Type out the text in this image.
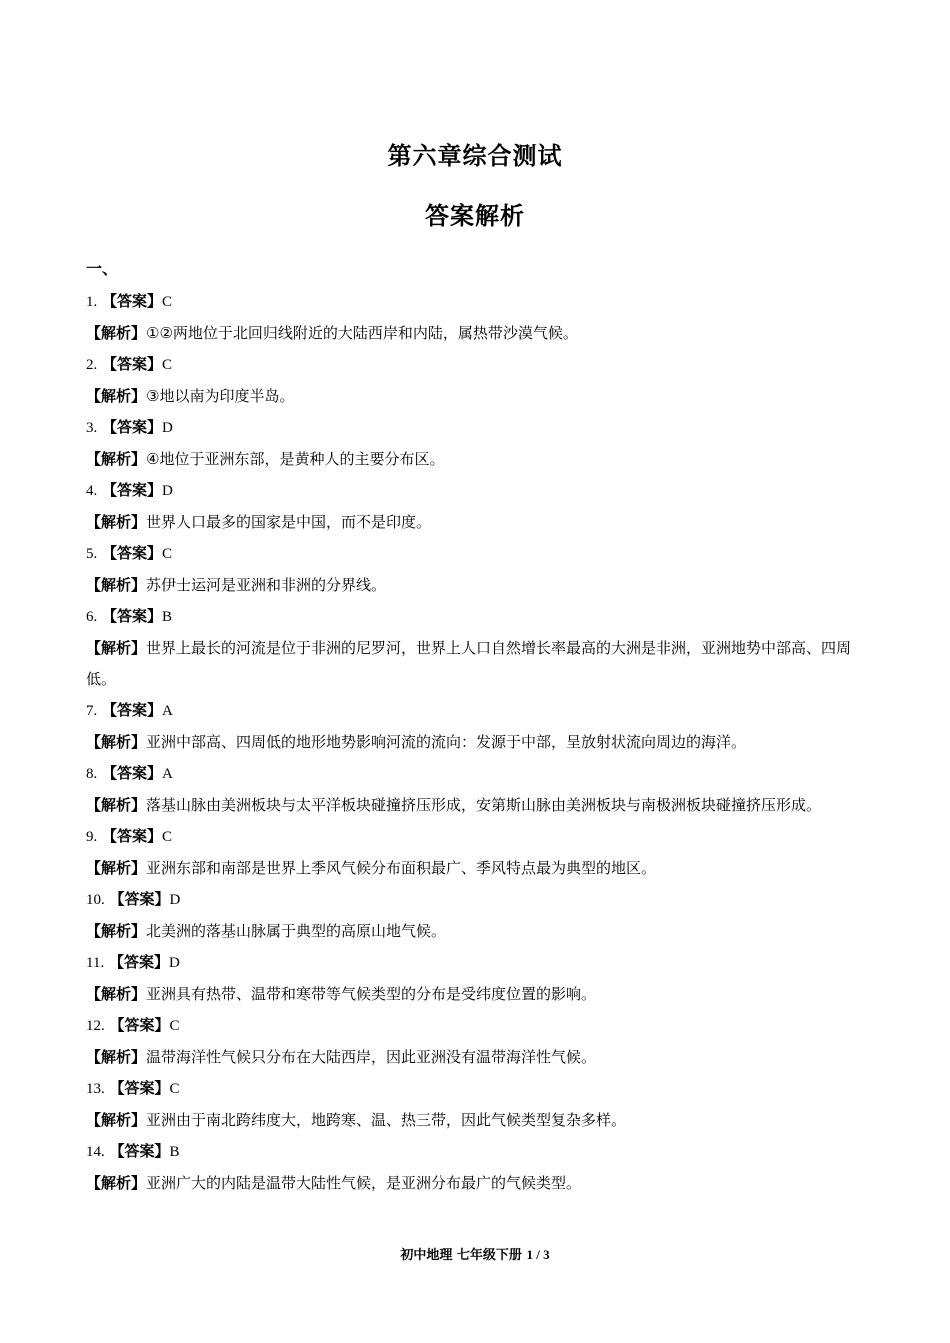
第六章综合测试
答案解析
一、
1. 【答案】C
【解析】①②两地位于北回归线附近的大陆西岸和内陆，属热带沙漠气候。
2. 【答案】C
【解析】③地以南为印度半岛。
3. 【答案】D
【解析】④地位于亚洲东部，是黄种人的主要分布区。
4. 【答案】D
【解析】世界人口最多的国家是中国，而不是印度。
5. 【答案】C
【解析】苏伊士运河是亚洲和非洲的分界线。
6. 【答案】B
【解析】世界上最长的河流是位于非洲的尼罗河，世界上人口自然增长率最高的大洲是非洲，亚洲地势中部高、四周低。
7. 【答案】A
【解析】亚洲中部高、四周低的地形地势影响河流的流向：发源于中部，呈放射状流向周边的海洋。
8. 【答案】A
【解析】落基山脉由美洲板块与太平洋板块碰撞挤压形成，安第斯山脉由美洲板块与南极洲板块碰撞挤压形成。
9. 【答案】C
【解析】亚洲东部和南部是世界上季风气候分布面积最广、季风特点最为典型的地区。
10. 【答案】D
【解析】北美洲的落基山脉属于典型的高原山地气候。
11. 【答案】D
【解析】亚洲具有热带、温带和寒带等气候类型的分布是受纬度位置的影响。
12. 【答案】C
【解析】温带海洋性气候只分布在大陆西岸，因此亚洲没有温带海洋性气候。
13. 【答案】C
【解析】亚洲由于南北跨纬度大，地跨寒、温、热三带，因此气候类型复杂多样。
14. 【答案】B
【解析】亚洲广大的内陆是温带大陆性气候，是亚洲分布最广的气候类型。
初中地理 七年级下册 1 / 3
